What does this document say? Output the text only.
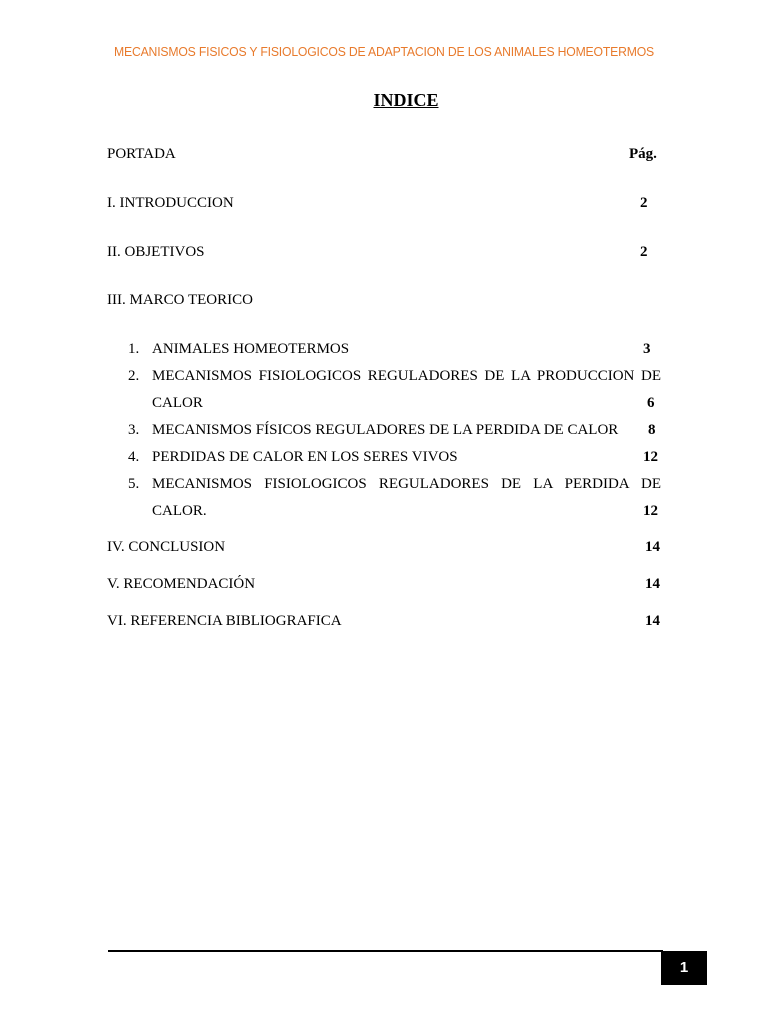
MECANISMOS FISICOS Y FISIOLOGICOS DE ADAPTACION DE LOS ANIMALES HOMEOTERMOS
INDICE
PORTADA	Pág.
I. INTRODUCCION	2
II. OBJETIVOS	2
III. MARCO TEORICO
1. ANIMALES HOMEOTERMOS	3
2. MECANISMOS FISIOLOGICOS REGULADORES DE LA PRODUCCION DE
CALOR	6
3. MECANISMOS FÍSICOS REGULADORES DE LA PERDIDA DE CALOR 8
4. PERDIDAS DE CALOR EN LOS SERES VIVOS	12
5. MECANISMOS FISIOLOGICOS REGULADORES DE LA PERDIDA DE
CALOR.	12
IV. CONCLUSION	14
V. RECOMENDACIÓN	14
VI. REFERENCIA BIBLIOGRAFICA	14
1
